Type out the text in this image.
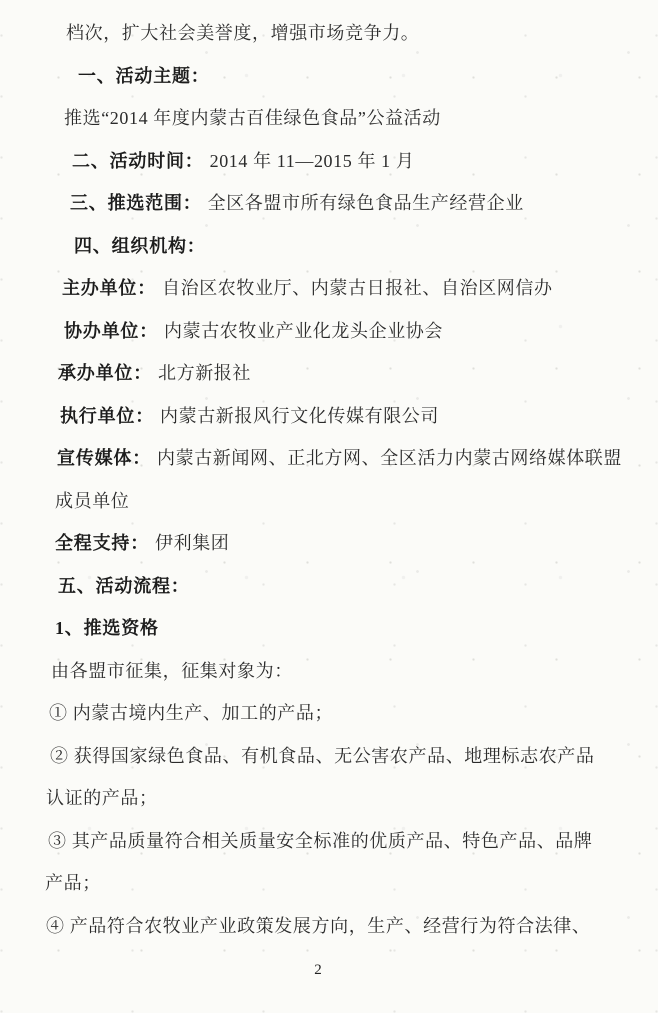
档次，扩大社会美誉度，增强市场竞争力。

一、活动主题：

推选“2014 年度内蒙古百佳绿色食品”公益活动

二、活动时间： 2014 年 11—2015 年 1 月

三、推选范围： 全区各盟市所有绿色食品生产经营企业

四、组织机构：

主办单位： 自治区农牧业厅、内蒙古日报社、自治区网信办

协办单位： 内蒙古农牧业产业化龙头企业协会

承办单位： 北方新报社

执行单位： 内蒙古新报风行文化传媒有限公司

宣传媒体： 内蒙古新闻网、正北方网、全区活力内蒙古网络媒体联盟

成员单位

全程支持： 伊利集团

五、活动流程：

1、推选资格

由各盟市征集，征集对象为：

① 内蒙古境内生产、加工的产品；

② 获得国家绿色食品、有机食品、无公害农产品、地理标志农产品

认证的产品；

③ 其产品质量符合相关质量安全标准的优质产品、特色产品、品牌

产品；

④ 产品符合农牧业产业政策发展方向，生产、经营行为符合法律、

2
